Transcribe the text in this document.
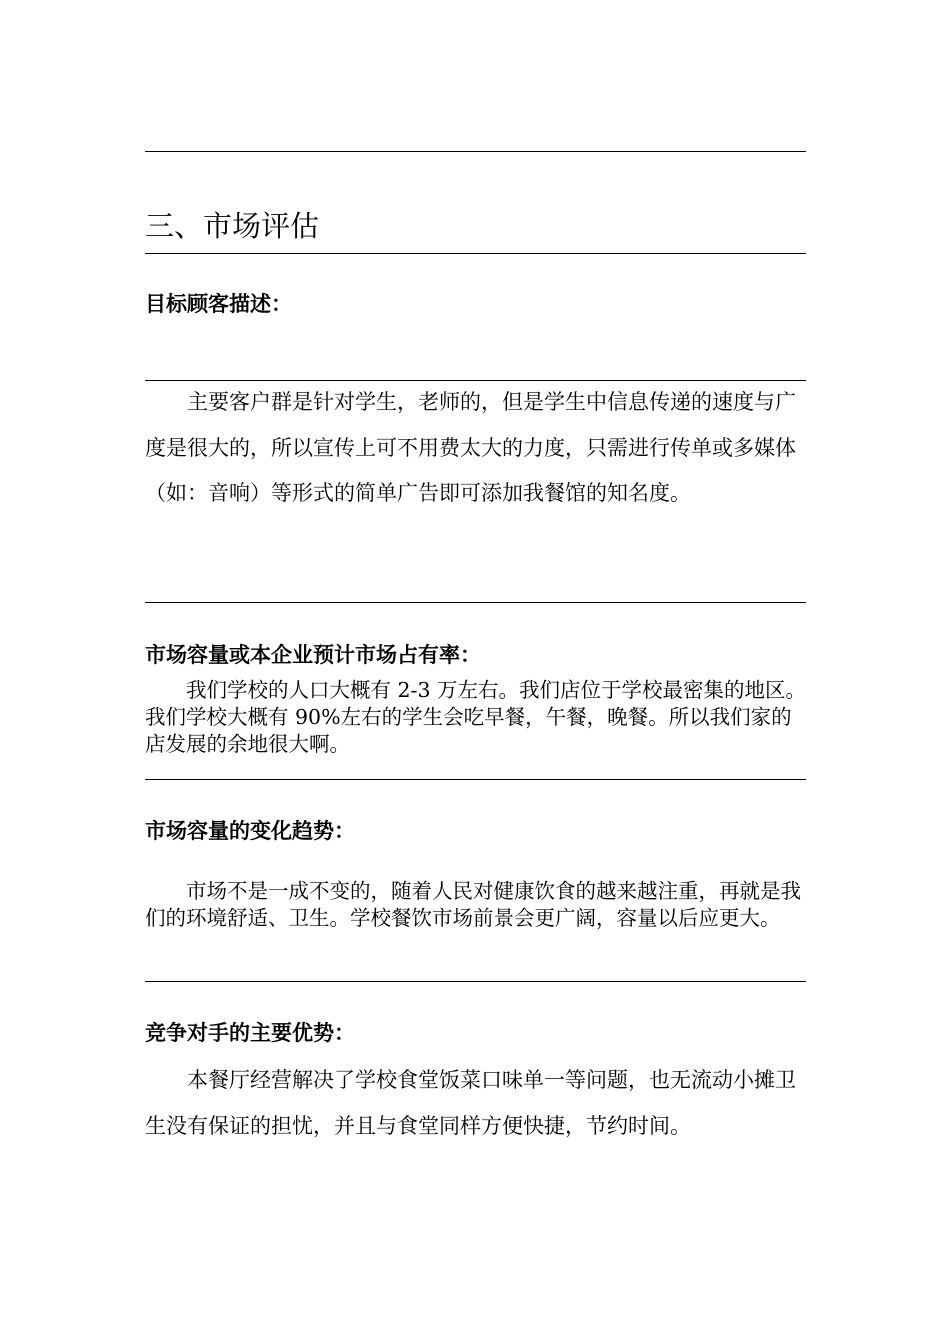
三、市场评估
目标顾客描述：

主要客户群是针对学生，老师的，但是学生中信息传递的速度与广度是很大的，所以宣传上可不用费太大的力度，只需进行传单或多媒体（如：音响）等形式的简单广告即可添加我餐馆的知名度。

市场容量或本企业预计市场占有率：

我们学校的人口大概有 2-3 万左右。我们店位于学校最密集的地区。我们学校大概有 90%左右的学生会吃早餐，午餐，晚餐。所以我们家的店发展的余地很大啊。

市场容量的变化趋势：

市场不是一成不变的，随着人民对健康饮食的越来越注重，再就是我们的环境舒适、卫生。学校餐饮市场前景会更广阔，容量以后应更大。

竞争对手的主要优势：

本餐厅经营解决了学校食堂饭菜口味单一等问题，也无流动小摊卫生没有保证的担忧，并且与食堂同样方便快捷，节约时间。
